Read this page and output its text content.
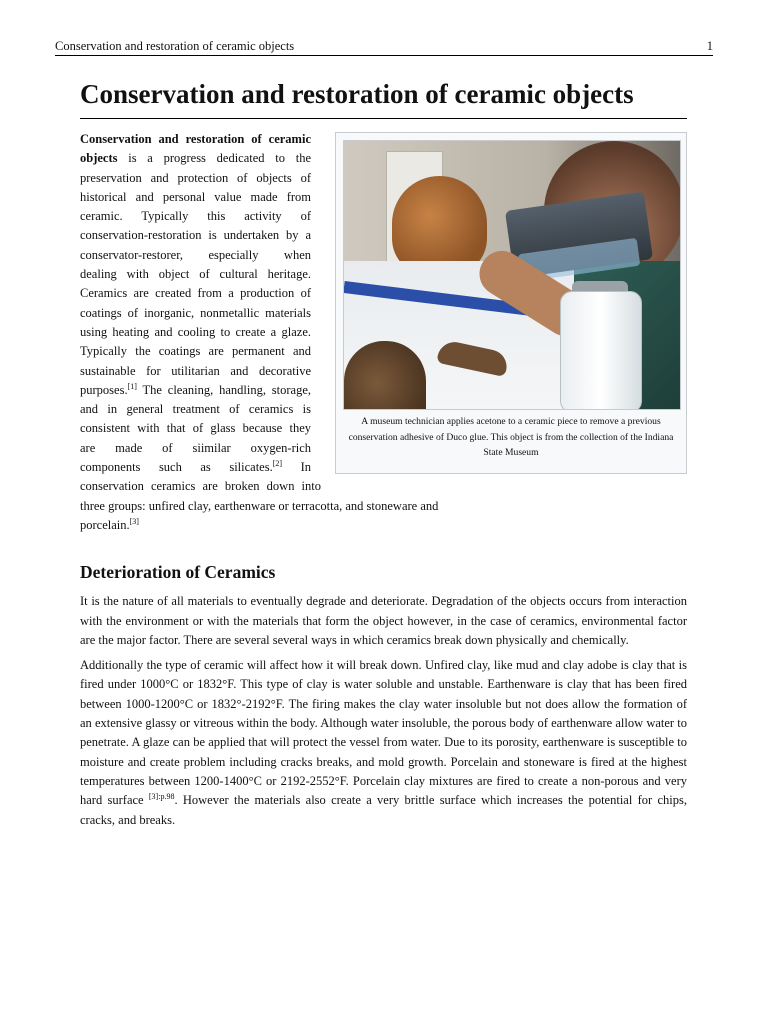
Conservation and restoration of ceramic objects	1
Conservation and restoration of ceramic objects
A museum technician applies acetone to a ceramic piece to remove a previous conservation adhesive of Duco glue. This object is from the collection of the Indiana State Museum
Conservation and restoration of ceramic
objects is a progress dedicated to the
preservation and protection of objects of
historical and personal value made from
ceramic. Typically this activity of
conservation-restoration is undertaken by a
conservator-restorer, especially when
dealing with object of cultural heritage.
Ceramics are created from a production of
coatings of inorganic, nonmetallic materials
using heating and cooling to create a glaze.
Typically the coatings are permanent and
sustainable for utilitarian and decorative
purposes.[1] The cleaning, handling, storage,
and in general treatment of ceramics is
consistent with that of glass because they
are made of siimilar oxygen-rich
components such as silicates.[2] In

conservation ceramics are broken down into three groups: unfired clay, earthenware or terracotta, and stoneware and
porcelain.[3]

Deterioration of Ceramics

It is the nature of all materials to eventually degrade and deteriorate. Degradation of the objects occurs from interaction with the environment or with the materials that form the object however, in the case of ceramics, environmental factor are the major factor. There are several several ways in which ceramics break down physically and chemically.

Additionally the type of ceramic will affect how it will break down. Unfired clay, like mud and clay adobe is clay that is fired under 1000°C or 1832°F. This type of clay is water soluble and unstable. Earthenware is clay that has been fired between 1000-1200°C or 1832°-2192°F. The firing makes the clay water insoluble but not does allow the formation of an extensive glassy or vitreous within the body. Although water insoluble, the porous body of earthenware allow water to penetrate. A glaze can be applied that will protect the vessel from water. Due to its porosity, earthenware is susceptible to moisture and create problem including cracks breaks, and mold growth. Porcelain and stoneware is fired at the highest temperatures between 1200-1400°C or 2192-2552°F. Porcelain clay mixtures are fired to create a non-porous and very hard surface $^{[3]:p.98}$. However the materials also create a very brittle surface which increases the potential for chips, cracks, and breaks.
